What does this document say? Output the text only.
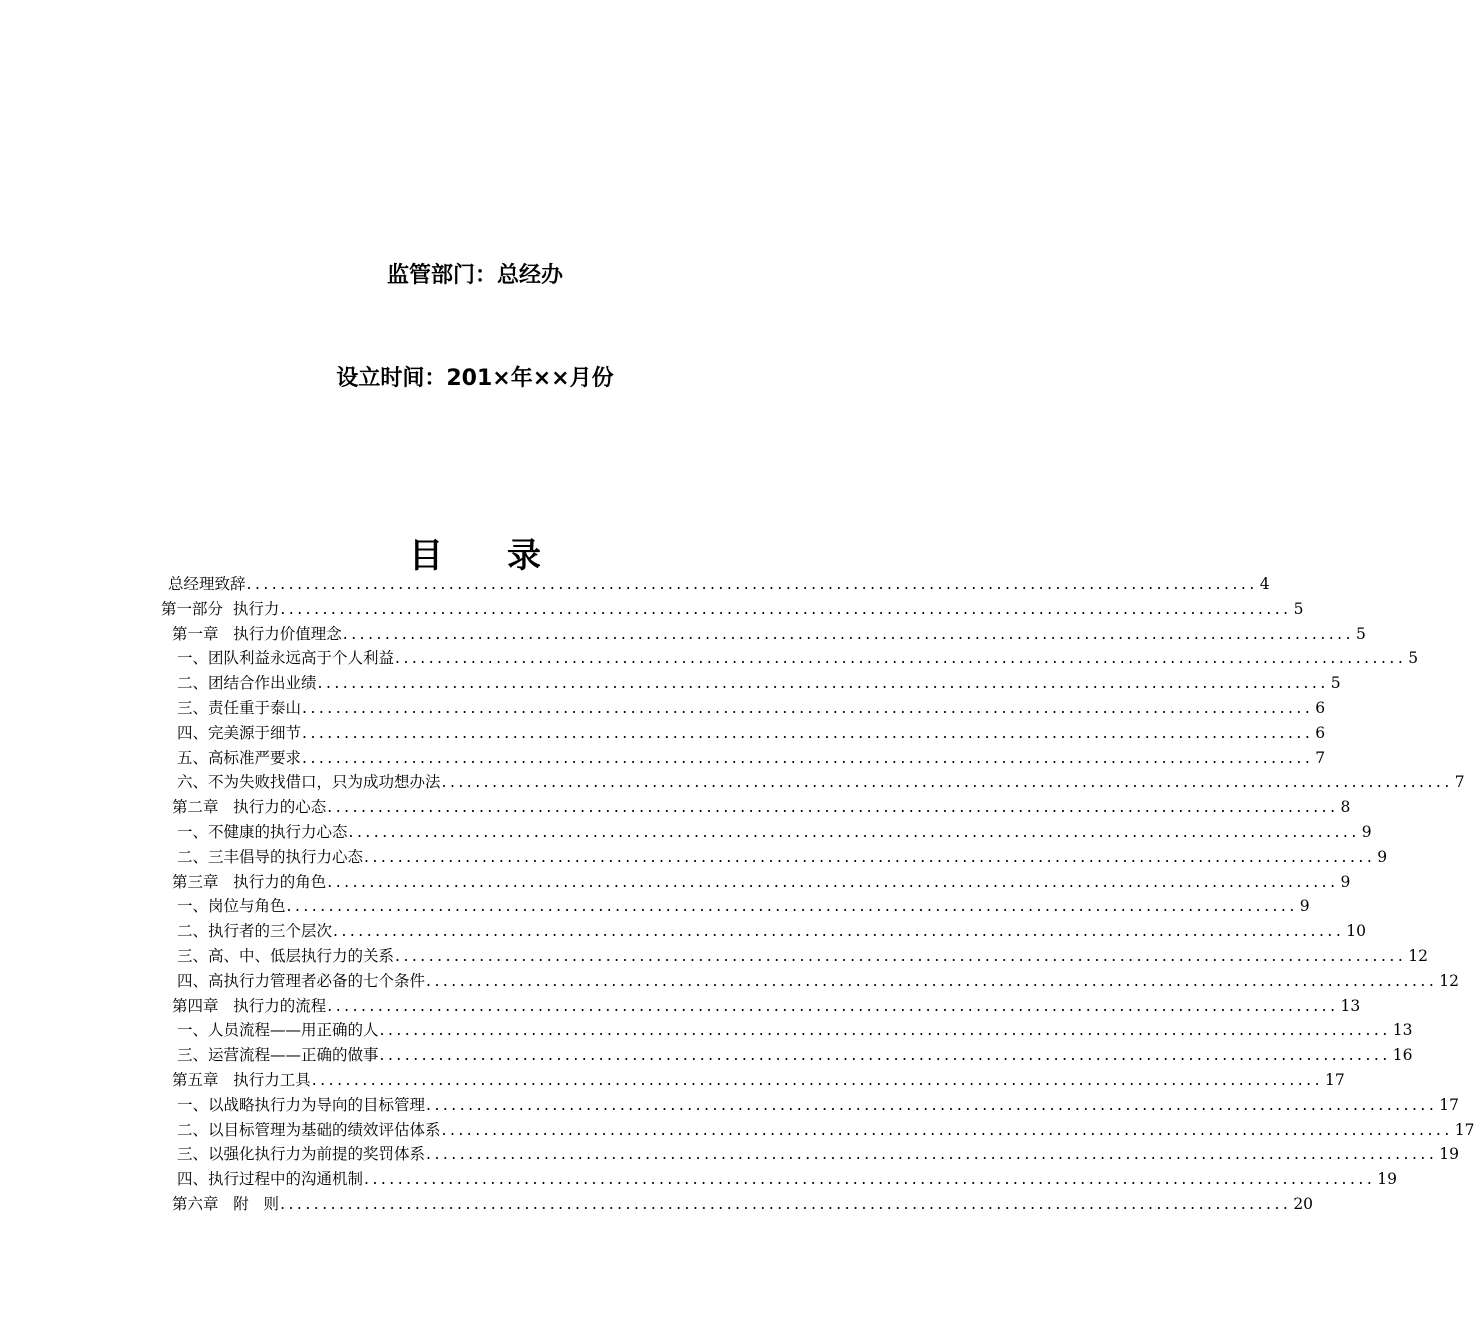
监管部门：总经办
设立时间：201×年××月份
目录
总经理致辞 ........................................................................................................................ 4
第一部分  执行力 ........................................................................................................................ 5
第一章   执行力价值理念 ........................................................................................................................ 5
一、团队利益永远高于个人利益 ........................................................................................................................ 5
二、团结合作出业绩 ........................................................................................................................ 5
三、责任重于泰山 ........................................................................................................................ 6
四、完美源于细节 ........................................................................................................................ 6
五、高标准严要求 ........................................................................................................................ 7
六、不为失败找借口，只为成功想办法 ........................................................................................................................ 7
第二章   执行力的心态 ........................................................................................................................ 8
一、不健康的执行力心态 ........................................................................................................................ 9
二、三丰倡导的执行力心态 ........................................................................................................................ 9
第三章   执行力的角色 ........................................................................................................................ 9
一、岗位与角色 ........................................................................................................................ 9
二、执行者的三个层次 ........................................................................................................................ 10
三、高、中、低层执行力的关系 ........................................................................................................................ 12
四、高执行力管理者必备的七个条件 ........................................................................................................................ 12
第四章   执行力的流程 ........................................................................................................................ 13
一、人员流程——用正确的人 ........................................................................................................................ 13
三、运营流程——正确的做事 ........................................................................................................................ 16
第五章   执行力工具 ........................................................................................................................ 17
一、以战略执行力为导向的目标管理 ........................................................................................................................ 17
二、以目标管理为基础的绩效评估体系 ........................................................................................................................ 17
三、以强化执行力为前提的奖罚体系 ........................................................................................................................ 19
四、执行过程中的沟通机制 ........................................................................................................................ 19
第六章   附   则 ........................................................................................................................ 20
